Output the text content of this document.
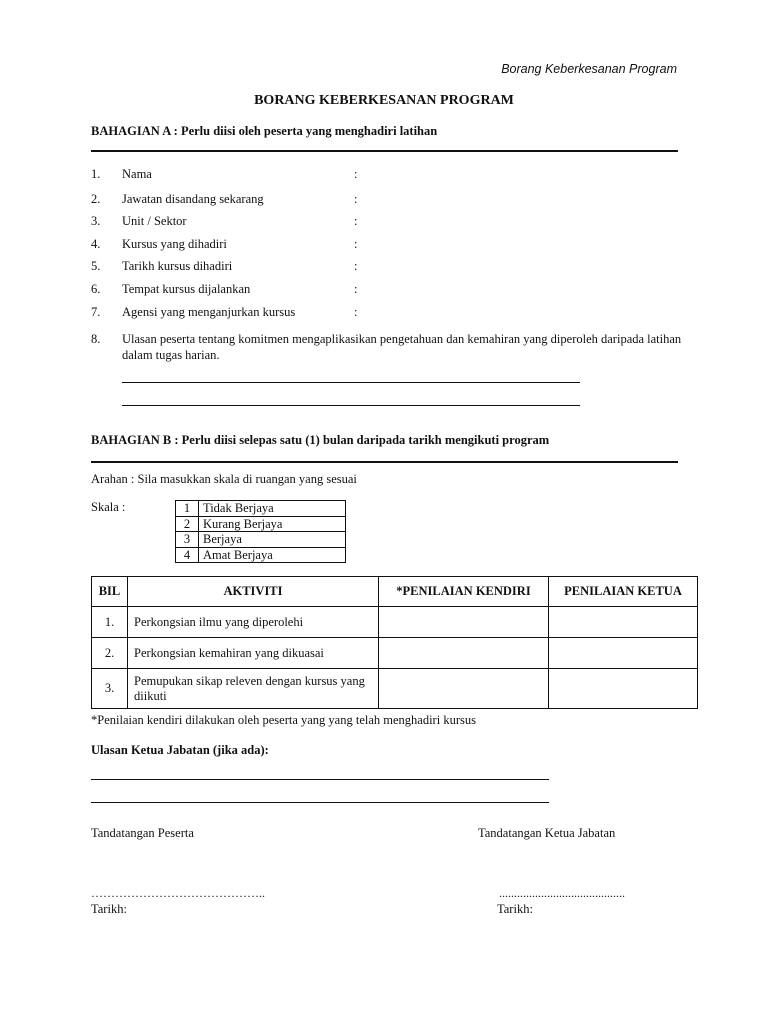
Borang Keberkesanan Program
BORANG KEBERKESANAN PROGRAM
BAHAGIAN A : Perlu diisi oleh peserta yang menghadiri latihan
1. Nama	:
2. Jawatan disandang sekarang	:
3. Unit / Sektor	:
4. Kursus yang dihadiri	:
5. Tarikh kursus dihadiri	:
6. Tempat kursus dijalankan	:
7. Agensi yang menganjurkan kursus	:
8. Ulasan peserta tentang komitmen mengaplikasikan pengetahuan dan kemahiran yang diperoleh daripada latihan
dalam tugas harian.
BAHAGIAN B : Perlu diisi selepas satu (1) bulan daripada tarikh mengikuti program
Arahan : Sila masukkan skala di ruangan yang sesuai
Skala :	1	Tidak Berjaya
2	Kurang Berjaya
3	Berjaya
4	Amat Berjaya
BIL	AKTIVITI	*PENILAIAN KENDIRI	PENILAIAN KETUA
1.	Perkongsian ilmu yang diperolehi		
2.	Perkongsian kemahiran yang dikuasai		
3.	Pemupukan sikap releven dengan kursus yang
diikuti		
*Penilaian kendiri dilakukan oleh peserta yang yang telah menghadiri kursus
Ulasan Ketua Jabatan (jika ada):
Tandatangan Peserta	Tandatangan Ketua Jabatan
……………………………………..	..........................................
Tarikh:	Tarikh:
